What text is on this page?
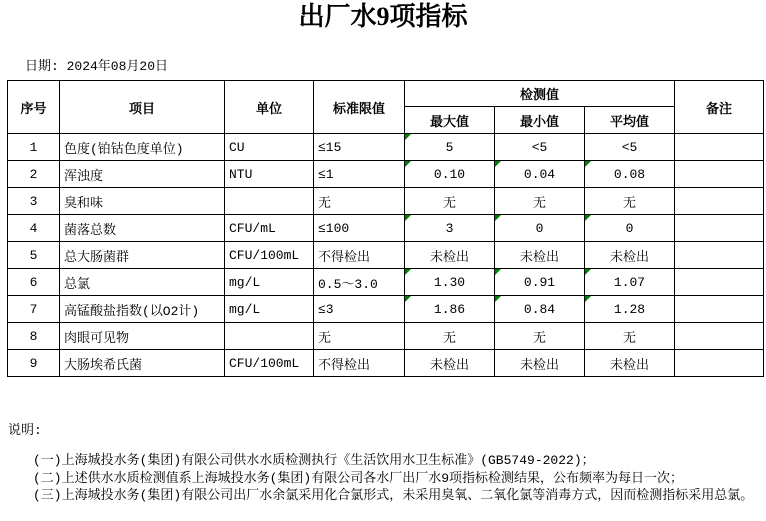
出厂水9项指标
日期: 2024年08月20日
序号	项目	单位	标准限值	检测值			备注
				最大值	最小值	平均值	
1	色度(铂钴色度单位)	CU	≤15	5	<5	<5	
2	浑浊度	NTU	≤1	0.10	0.04	0.08	
3	臭和味		无	无	无	无	
4	菌落总数	CFU/mL	≤100	3	0	0	
5	总大肠菌群	CFU/100mL	不得检出	未检出	未检出	未检出	
6	总氯	mg/L	0.5～3.0	1.30	0.91	1.07	
7	高锰酸盐指数(以O2计)	mg/L	≤3	1.86	0.84	1.28	
8	肉眼可见物		无	无	无	无	
9	大肠埃希氏菌	CFU/100mL	不得检出	未检出	未检出	未检出	
说明:
(一)上海城投水务(集团)有限公司供水水质检测执行《生活饮用水卫生标准》(GB5749-2022)；
(二)上述供水水质检测值系上海城投水务(集团)有限公司各水厂出厂水9项指标检测结果，公布频率为每日一次；
(三)上海城投水务(集团)有限公司出厂水余氯采用化合氯形式，未采用臭氧、二氧化氯等消毒方式，因而检测指标采用总氯。
